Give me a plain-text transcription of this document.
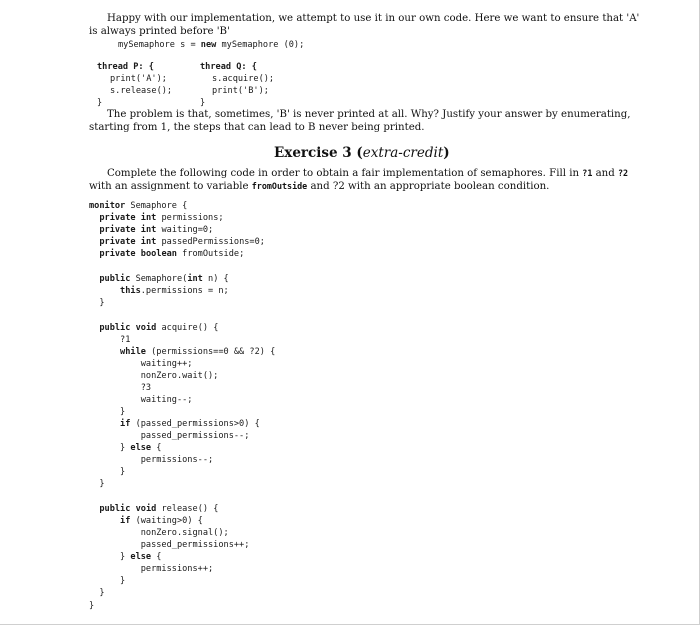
Happy with our implementation, we attempt to use it in our own code. Here we want to ensure that 'A'
is always printed before 'B'
mySemaphore s = new mySemaphore (0);
thread P: {
print('A');
s.release();
}
thread Q: {
s.acquire();
print('B');
}
The problem is that, sometimes, 'B' is never printed at all. Why? Justify your answer by enumerating,
starting from 1, the steps that can lead to B never being printed.
Exercise 3 (extra-credit)
Complete the following code in order to obtain a fair implementation of semaphores. Fill in ?1 and ?2
with an assignment to variable fromOutside and ?2 with an appropriate boolean condition.
monitor Semaphore {
private int permissions;
private int waiting=0;
private int passedPermissions=0;
private boolean fromOutside;
public Semaphore(int n) {
this.permissions = n;
}
public void acquire() {
?1
while (permissions==0 && ?2) {
waiting++;
nonZero.wait();
?3
waiting--;
}
if (passed_permissions>0) {
passed_permissions--;
} else {
permissions--;
}
}
public void release() {
if (waiting>0) {
nonZero.signal();
passed_permissions++;
} else {
permissions++;
}
}
}
